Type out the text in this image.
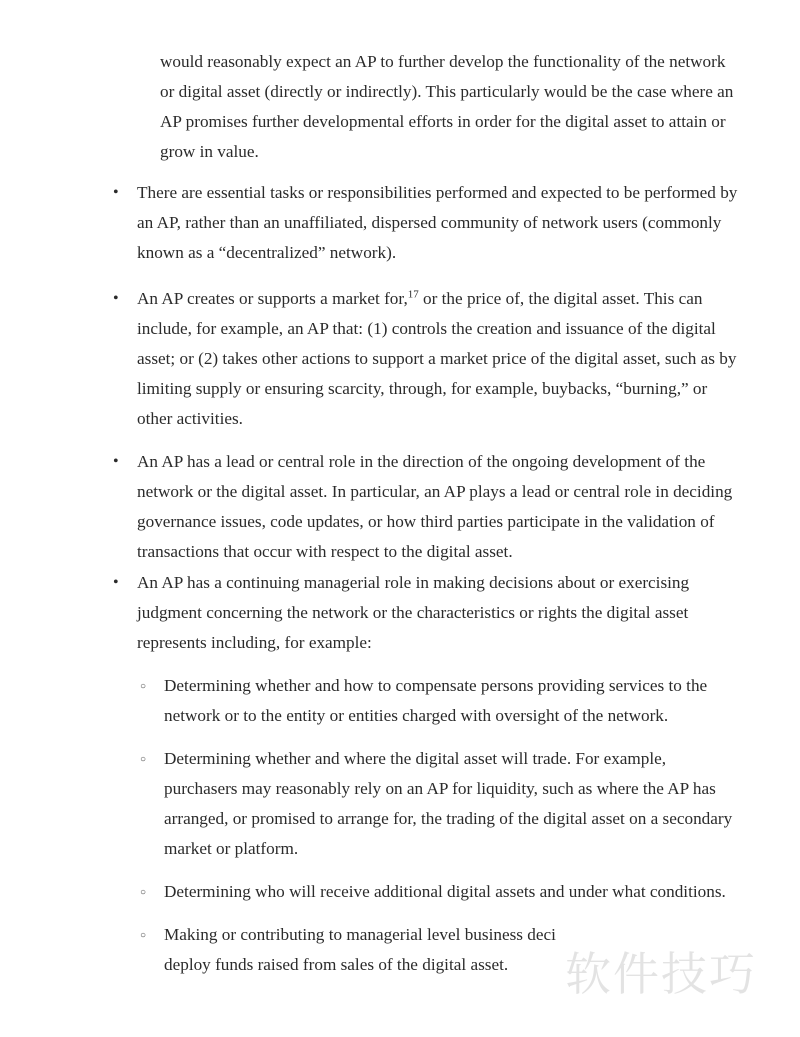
would reasonably expect an AP to further develop the functionality of the network or digital asset (directly or indirectly). This particularly would be the case where an AP promises further developmental efforts in order for the digital asset to attain or grow in value.
•	There are essential tasks or responsibilities performed and expected to be performed by an AP, rather than an unaffiliated, dispersed community of network users (commonly known as a “decentralized” network).
•	An AP creates or supports a market for,$^{17}$ or the price of, the digital asset. This can include, for example, an AP that: (1) controls the creation and issuance of the digital asset; or (2) takes other actions to support a market price of the digital asset, such as by limiting supply or ensuring scarcity, through, for example, buybacks, “burning,” or other activities.
•	An AP has a lead or central role in the direction of the ongoing development of the network or the digital asset. In particular, an AP plays a lead or central role in deciding governance issues, code updates, or how third parties participate in the validation of transactions that occur with respect to the digital asset.
•	An AP has a continuing managerial role in making decisions about or exercising judgment concerning the network or the characteristics or rights the digital asset represents including, for example:
○	Determining whether and how to compensate persons providing services to the network or to the entity or entities charged with oversight of the network.
○	Determining whether and where the digital asset will trade. For example, purchasers may reasonably rely on an AP for liquidity, such as where the AP has arranged, or promised to arrange for, the trading of the digital asset on a secondary market or platform.
○	Determining who will receive additional digital assets and under what conditions.
○	Making or contributing to managerial level business deci
deploy funds raised from sales of the digital asset.	软件技巧
